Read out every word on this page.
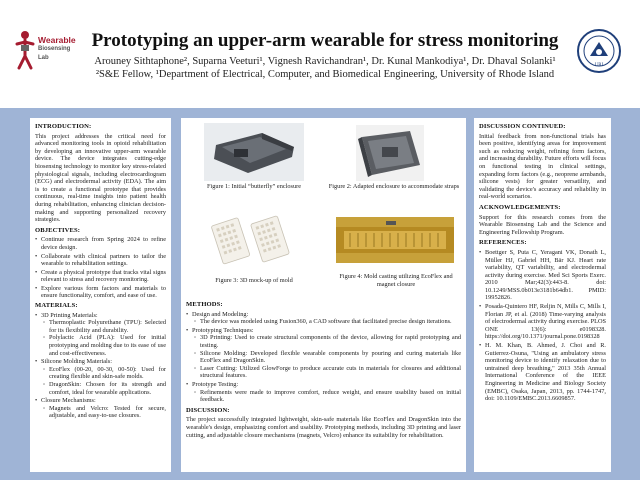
Wearable
Biosensing
Lab
Prototyping an upper-arm wearable for stress monitoring
Arouney Sithtaphone², Suparna Veeturi¹, Vignesh Ravichandran¹, Dr. Kunal Mankodiya¹, Dr. Dhaval Solanki¹
²S&E Fellow, ¹Department of Electrical, Computer, and Biomedical Engineering, University of Rhode Island
URI
INTRODUCTION:

This project addresses the critical need for advanced monitoring tools in opioid rehabilitation by developing an innovative upper-arm wearable device. The device integrates cutting-edge biosensing technology to monitor key stress-related physiological signals, including electrocardiogram (ECG) and electrodermal activity (EDA). The aim is to create a functional prototype that provides continuous, real-time insights into patient health during rehabilitation, enhancing clinician decision-making and supporting personalized recovery strategies.

OBJECTIVES:
• Continue research from Spring 2024 to refine device design.
• Collaborate with clinical partners to tailor the wearable to rehabilitation settings.
• Create a physical prototype that tracks vital signs relevant to stress and recovery monitoring.
• Explore various form factors and materials to ensure functionality, comfort, and ease of use.
MATERIALS:
• 3D Printing Materials:
◦ Thermoplastic Polyurethane (TPU): Selected for its flexibility and durability.
◦ Polylactic Acid (PLA): Used for initial prototyping and molding due to its ease of use and cost-effectiveness.
• Silicone Molding Materials:
◦ EcoFlex (00-20, 00-30, 00-50): Used for creating flexible and skin-safe molds.
◦ DragonSkin: Chosen for its strength and comfort, ideal for wearable applications.
• Closure Mechanisms:
◦ Magnets and Velcro: Tested for secure, adjustable, and easy-to-use closures.
Figure 1: Initial “butterfly” enclosure	Figure 2: Adapted enclosure to accommodate straps
Figure 3: 3D mock-up of mold
Figure 4: Mold casting utilizing EcoFlex and magnet closure
METHODS:
• Design and Modeling:
◦ The device was modeled using Fusion360, a CAD software that facilitated precise design iterations.
• Prototyping Techniques:
◦ 3D Printing: Used to create structural components of the device, allowing for rapid prototyping and testing.
◦ Silicone Molding: Developed flexible wearable components by pouring and curing materials like EcoFlex and DragonSkin.
◦ Laser Cutting: Utilized GlowForge to produce accurate cuts in materials for closures and additional structural features.
• Prototype Testing:
◦ Refinements were made to improve comfort, reduce weight, and ensure usability based on initial feedback.
DISCUSSION:

The project successfully integrated lightweight, skin-safe materials like EcoFlex and DragonSkin into the wearable's design, emphasizing comfort and usability. Prototyping methods, including 3D printing and laser cutting, and adjustable closure mechanisms (magnets, Velcro) enhance its suitability for rehabilitation.

DISCUSSION CONTINUED:

Initial feedback from non-functional trials has been positive, identifying areas for improvement such as reducing weight, refining form factors, and increasing durability. Future efforts will focus on functional testing in clinical settings, expanding form factors (e.g., neoprene armbands, silicone vests) for greater versatility, and validating the device's accuracy and reliability in real-world scenarios.

ACKNOWLEDGEMENTS:

Support for this research comes from the Wearable Biosensing Lab and the Science and Engineering Fellowship Program.

REFERENCES:
• Boettger S, Puta C, Yeragani VK, Donath L, Müller HJ, Gabriel HH, Bär KJ. Heart rate variability, QT variability, and electrodermal activity during exercise. Med Sci Sports Exerc. 2010 Mar;42(3):443-8. doi: 10.1249/MSS.0b013e3181b64db1. PMID: 19952826.
• Posada-Quintero HF, Reljin N, Mills C, Mills I, Florian JP, et al. (2018) Time-varying analysis of electrodermal activity during exercise. PLOS ONE 13(6): e0198328. https://doi.org/10.1371/journal.pone.0198328
• H. M. Khan, B. Ahmed, J. Choi and R. Gutierrez-Osuna, "Using an ambulatory stress monitoring device to identify relaxation due to untrained deep breathing," 2013 35th Annual International Conference of the IEEE Engineering in Medicine and Biology Society (EMBC), Osaka, Japan, 2013, pp. 1744-1747, doi: 10.1109/EMBC.2013.6609857.
